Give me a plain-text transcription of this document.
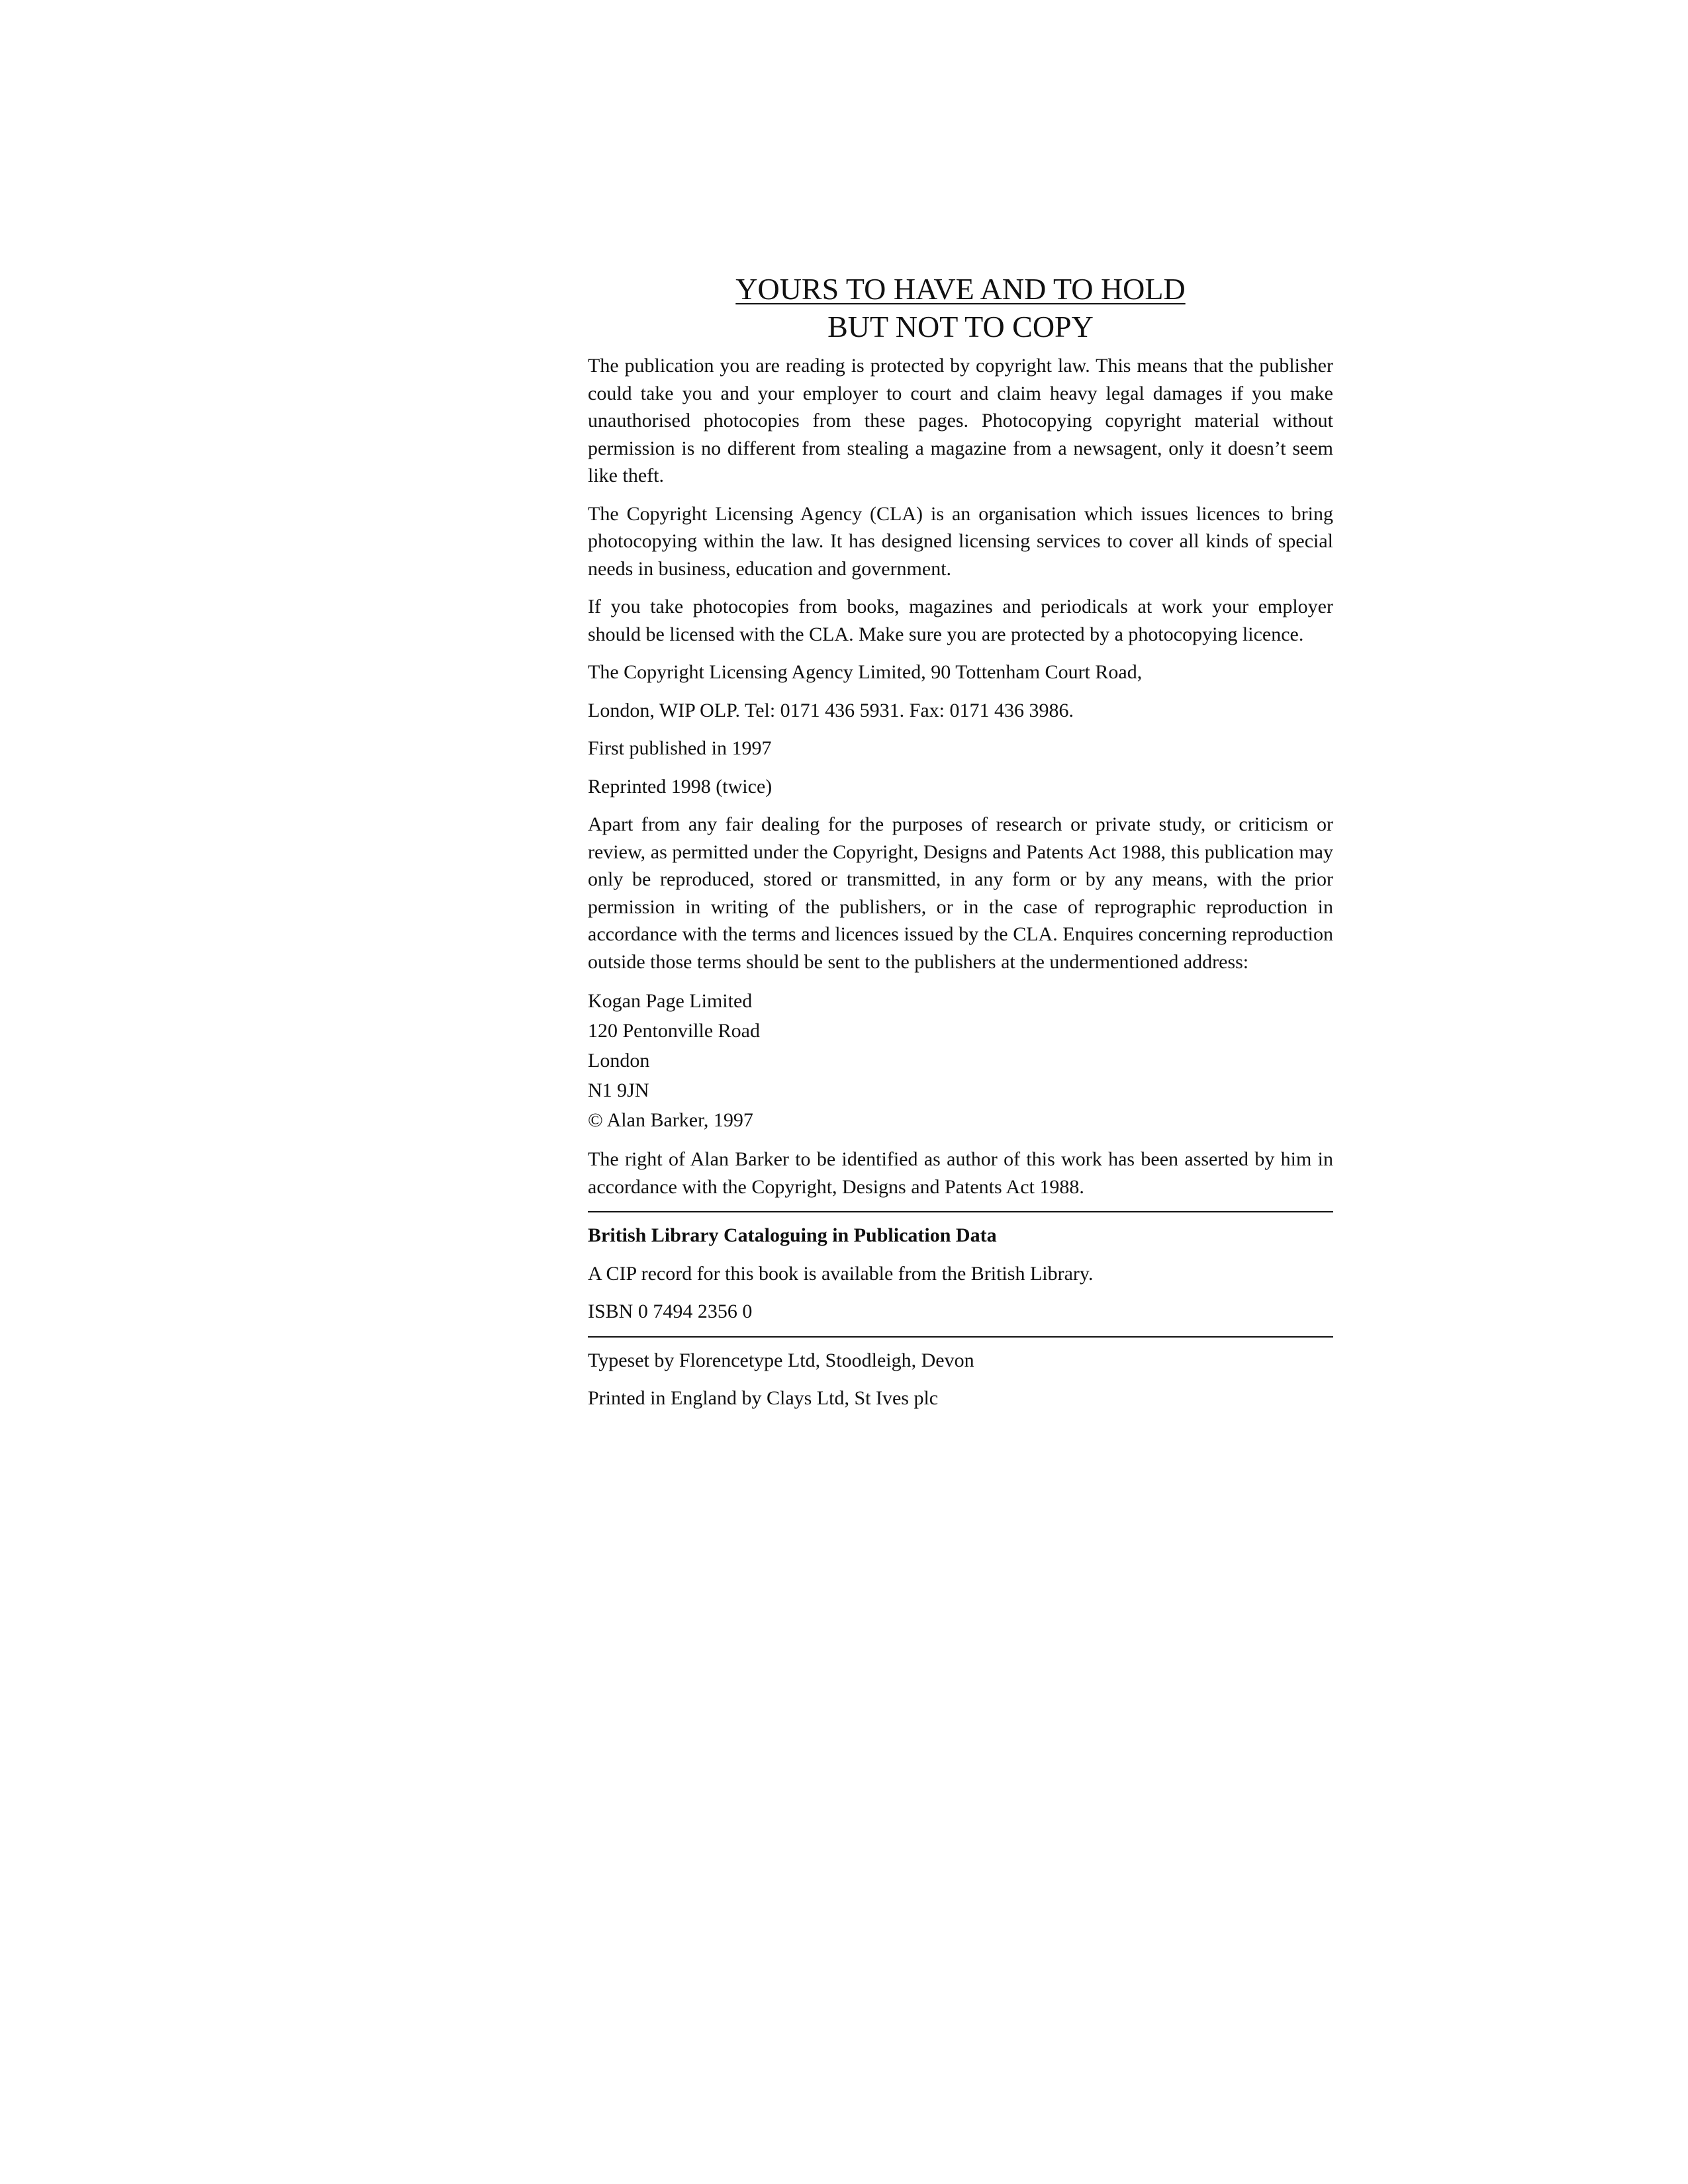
YOURS TO HAVE AND TO HOLD
BUT NOT TO COPY

The publication you are reading is protected by copyright law. This means that the publisher could take you and your employer to court and claim heavy legal damages if you make unauthorised photocopies from these pages. Photocopying copyright material without permission is no different from stealing a magazine from a newsagent, only it doesn’t seem like theft.

The Copyright Licensing Agency (CLA) is an organisation which issues licences to bring photocopying within the law. It has designed licensing services to cover all kinds of special needs in business, education and government.

If you take photocopies from books, magazines and periodicals at work your employer should be licensed with the CLA. Make sure you are protected by a photocopying licence.

The Copyright Licensing Agency Limited, 90 Tottenham Court Road,

London, WIP OLP. Tel: 0171 436 5931. Fax: 0171 436 3986.

First published in 1997

Reprinted 1998 (twice)

Apart from any fair dealing for the purposes of research or private study, or criticism or review, as permitted under the Copyright, Designs and Patents Act 1988, this publication may only be reproduced, stored or transmitted, in any form or by any means, with the prior permission in writing of the publishers, or in the case of reprographic reproduction in accordance with the terms and licences issued by the CLA. Enquires concerning reproduction outside those terms should be sent to the publishers at the undermentioned address:

Kogan Page Limited

120 Pentonville Road

London

N1 9JN

© Alan Barker, 1997

The right of Alan Barker to be identified as author of this work has been asserted by him in accordance with the Copyright, Designs and Patents Act 1988.

British Library Cataloguing in Publication Data

A CIP record for this book is available from the British Library.

ISBN 0 7494 2356 0

Typeset by Florencetype Ltd, Stoodleigh, Devon

Printed in England by Clays Ltd, St Ives plc
